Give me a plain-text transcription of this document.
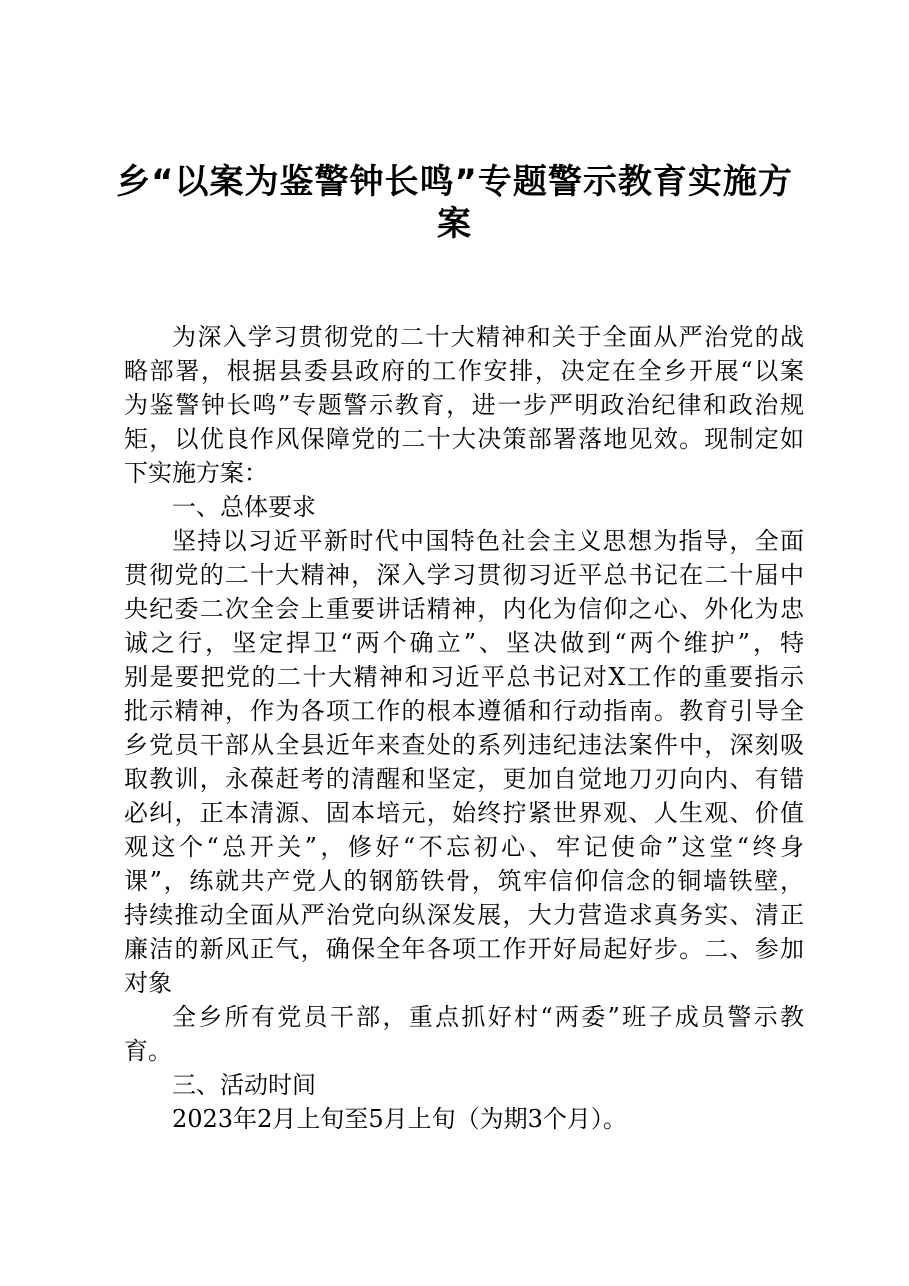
乡“以案为鉴警钟长鸣”专题警示教育实施方
案
为深入学习贯彻党的二十大精神和关于全面从严治党的战
略部署，根据县委县政府的工作安排，决定在全乡开展“以案
为鉴警钟长鸣”专题警示教育，进一步严明政治纪律和政治规
矩，以优良作风保障党的二十大决策部署落地见效。现制定如
下实施方案：
一、总体要求
坚持以习近平新时代中国特色社会主义思想为指导，全面
贯彻党的二十大精神，深入学习贯彻习近平总书记在二十届中
央纪委二次全会上重要讲话精神，内化为信仰之心、外化为忠
诚之行，坚定捍卫“两个确立”、坚决做到“两个维护”，特
别是要把党的二十大精神和习近平总书记对X工作的重要指示
批示精神，作为各项工作的根本遵循和行动指南。教育引导全
乡党员干部从全县近年来查处的系列违纪违法案件中，深刻吸
取教训，永葆赶考的清醒和坚定，更加自觉地刀刃向内、有错
必纠，正本清源、固本培元，始终拧紧世界观、人生观、价值
观这个“总开关”，修好“不忘初心、牢记使命”这堂“终身
课”，练就共产党人的钢筋铁骨，筑牢信仰信念的铜墙铁壁，
持续推动全面从严治党向纵深发展，大力营造求真务实、清正
廉洁的新风正气，确保全年各项工作开好局起好步。二、参加
对象
全乡所有党员干部，重点抓好村“两委”班子成员警示教
育。
三、活动时间
2023年2月上旬至5月上旬（为期3个月）。
